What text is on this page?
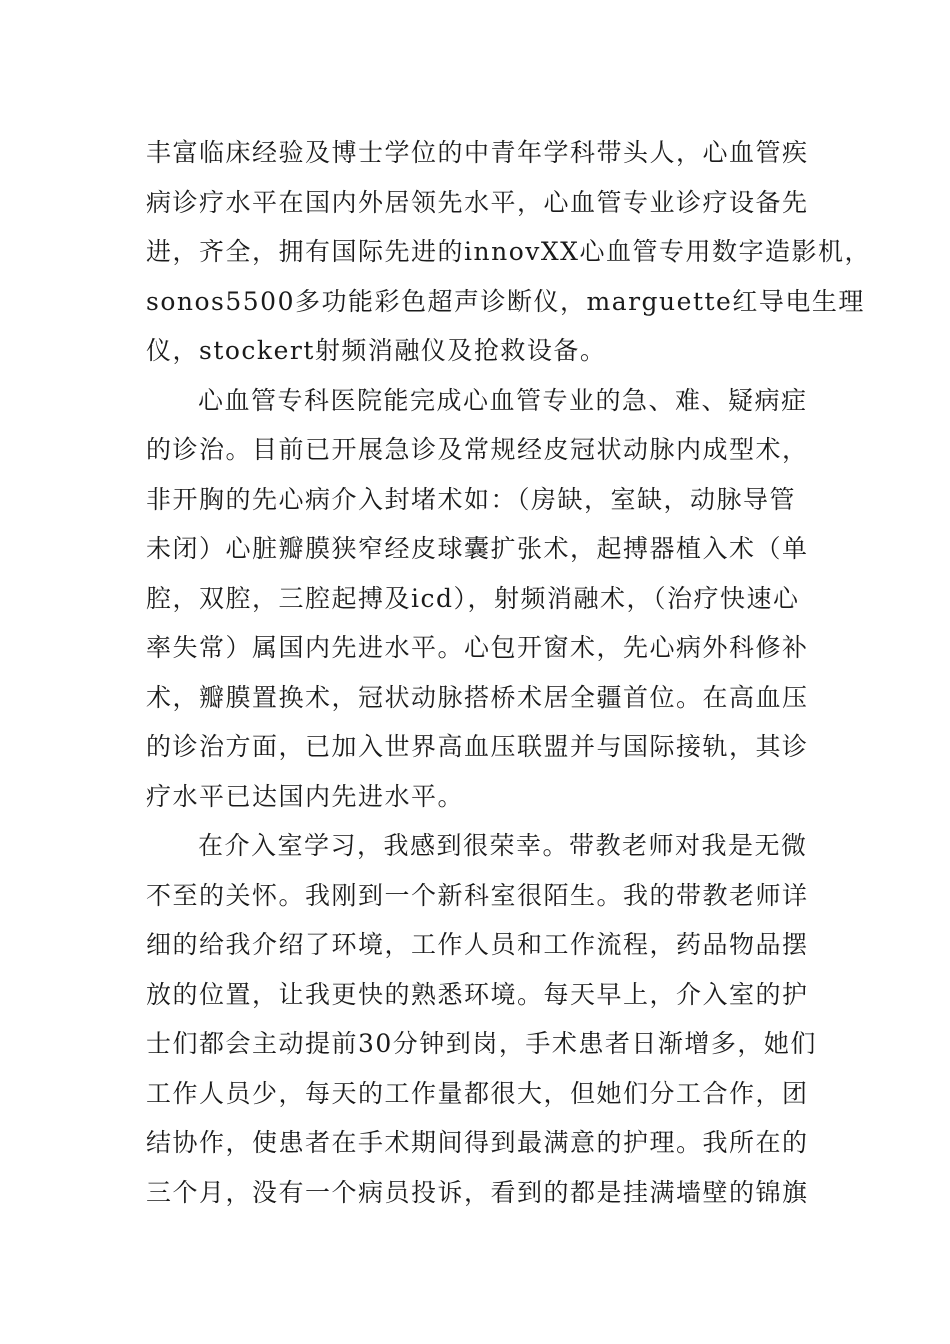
丰富临床经验及博士学位的中青年学科带头人，心血管疾
病诊疗水平在国内外居领先水平，心血管专业诊疗设备先
进，齐全，拥有国际先进的innovXX心血管专用数字造影机，
sonos5500多功能彩色超声诊断仪，marguette红导电生理
仪，stockert射频消融仪及抢救设备。
心血管专科医院能完成心血管专业的急、难、疑病症
的诊治。目前已开展急诊及常规经皮冠状动脉内成型术，
非开胸的先心病介入封堵术如：（房缺，室缺，动脉导管
未闭）心脏瓣膜狭窄经皮球囊扩张术，起搏器植入术（单
腔，双腔，三腔起搏及icd），射频消融术，（治疗快速心
率失常）属国内先进水平。心包开窗术，先心病外科修补
术，瓣膜置换术，冠状动脉搭桥术居全疆首位。在高血压
的诊治方面，已加入世界高血压联盟并与国际接轨，其诊
疗水平已达国内先进水平。
在介入室学习，我感到很荣幸。带教老师对我是无微
不至的关怀。我刚到一个新科室很陌生。我的带教老师详
细的给我介绍了环境，工作人员和工作流程，药品物品摆
放的位置，让我更快的熟悉环境。每天早上，介入室的护
士们都会主动提前30分钟到岗，手术患者日渐增多，她们
工作人员少，每天的工作量都很大，但她们分工合作，团
结协作，使患者在手术期间得到最满意的护理。我所在的
三个月，没有一个病员投诉，看到的都是挂满墙壁的锦旗
